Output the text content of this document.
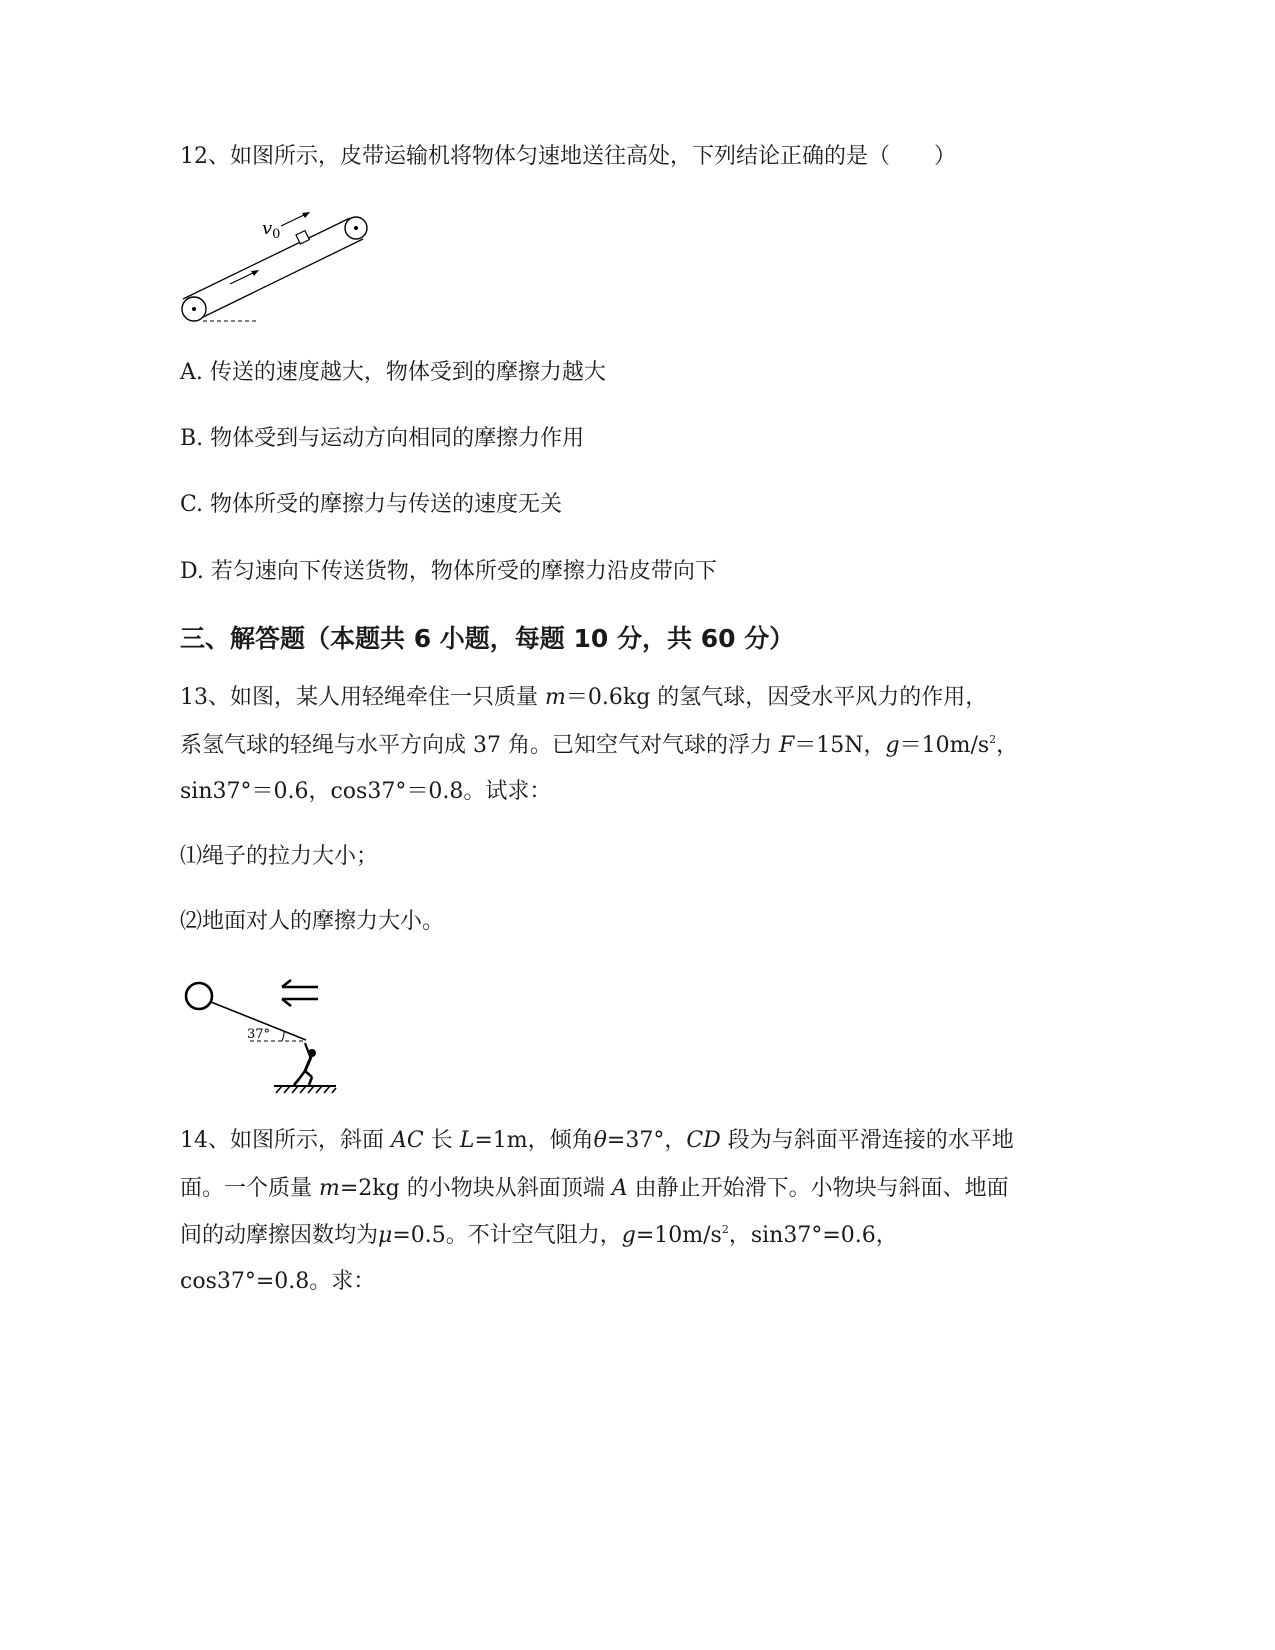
12、如图所示，皮带运输机将物体匀速地送往高处，下列结论正确的是（　　）
$v_0$
A. 传送的速度越大，物体受到的摩擦力越大
B. 物体受到与运动方向相同的摩擦力作用
C. 物体所受的摩擦力与传送的速度无关
D. 若匀速向下传送货物，物体所受的摩擦力沿皮带向下
三、解答题（本题共 6 小题，每题 10 分，共 60 分）
13、如图，某人用轻绳牵住一只质量 m＝0.6kg 的氢气球，因受水平风力的作用，
系氢气球的轻绳与水平方向成 37 角。已知空气对气球的浮力 F＝15N，$g=10m/s^2$，
sin37°＝0.6，cos37°＝0.8。试求：
⑴绳子的拉力大小；
⑵地面对人的摩擦力大小。
37°
14、如图所示，斜面 AC 长 L=1m，倾角θ=37°，CD 段为与斜面平滑连接的水平地
面。一个质量 m=2kg 的小物块从斜面顶端 A 由静止开始滑下。小物块与斜面、地面
间的动摩擦因数均为μ=0.5。不计空气阻力，$g=10m/s^2$，sin37°=0.6，
cos37°=0.8。求：
